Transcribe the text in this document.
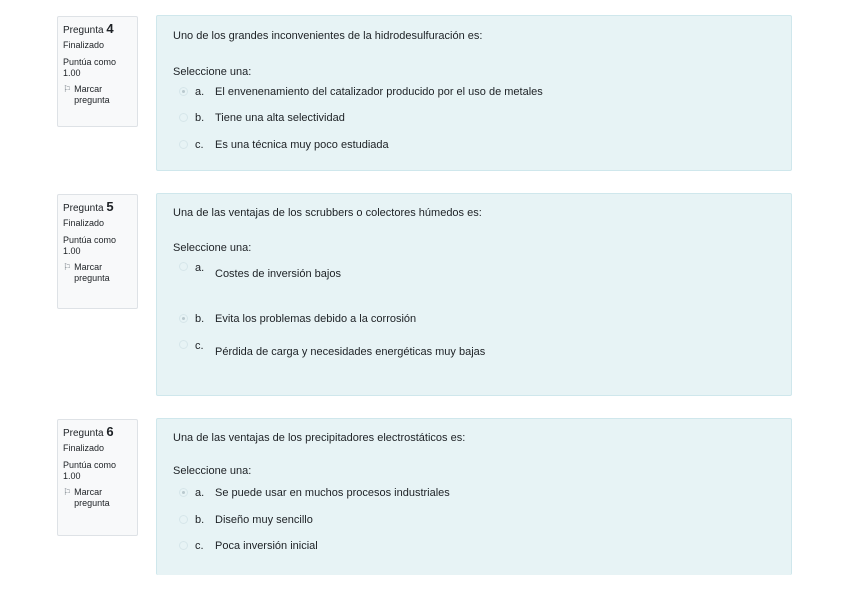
Pregunta 4
Finalizado
Puntúa como
1.00
⚐ Marcar
pregunta
Uno de los grandes inconvenientes de la hidrodesulfuración es:
Seleccione una:
a. El envenenamiento del catalizador producido por el uso de metales
b. Tiene una alta selectividad
c.	Es una técnica muy poco estudiada
Pregunta 5
Finalizado
Puntúa como
1.00
⚐ Marcar
pregunta
Una de las ventajas de los scrubbers o colectores húmedos es:
Seleccione una:
a. Costes de inversión bajos
b. Evita los problemas debido a la corrosión
c.	Pérdida de carga y necesidades energéticas muy bajas
Pregunta 6
Finalizado
Puntúa como
1.00
⚐ Marcar
pregunta
Una de las ventajas de los precipitadores electrostáticos es:
Seleccione una:
a. Se puede usar en muchos procesos industriales
b. Diseño muy sencillo
c.	Poca inversión inicial
